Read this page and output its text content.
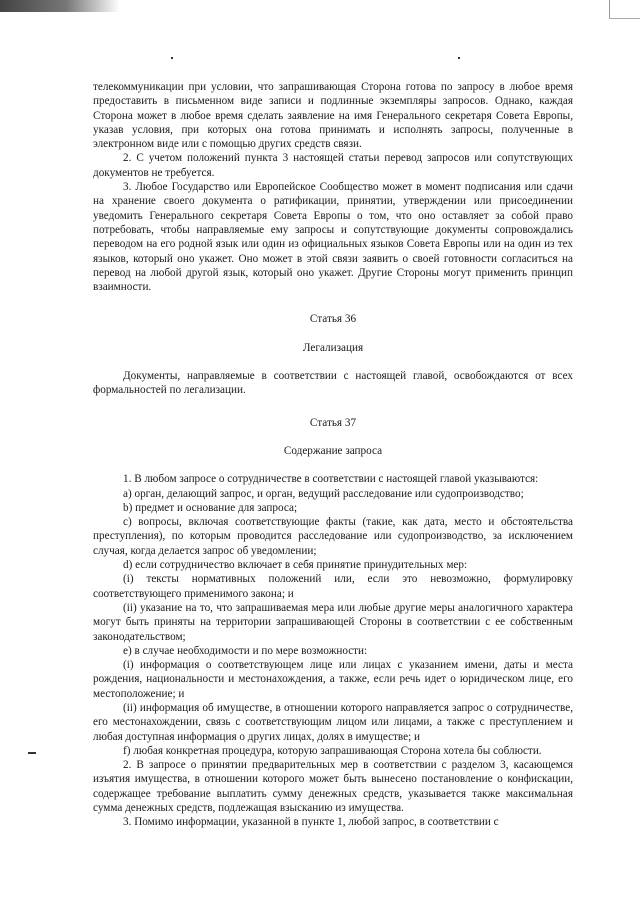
телекоммуникации при условии, что запрашивающая Сторона готова по запросу в любое время предоставить в письменном виде записи и подлинные экземпляры запросов. Однако, каждая Сторона может в любое время сделать заявление на имя Генерального секретаря Совета Европы, указав условия, при которых она готова принимать и исполнять запросы, полученные в электронном виде или с помощью других средств связи.

2. С учетом положений пункта 3 настоящей статьи перевод запросов или сопутствующих документов не требуется.

3. Любое Государство или Европейское Сообщество может в момент подписания или сдачи на хранение своего документа о ратификации, принятии, утверждении или присоединении уведомить Генерального секретаря Совета Европы о том, что оно оставляет за собой право потребовать, чтобы направляемые ему запросы и сопутствующие документы сопровождались переводом на его родной язык или один из официальных языков Совета Европы или на один из тех языков, который оно укажет. Оно может в этой связи заявить о своей готовности согласиться на перевод на любой другой язык, который оно укажет. Другие Стороны могут применить принцип взаимности.

Статья 36

Легализация

Документы, направляемые в соответствии с настоящей главой, освобождаются от всех формальностей по легализации.

Статья 37

Содержание запроса

1. В любом запросе о сотрудничестве в соответствии с настоящей главой указываются:

а) орган, делающий запрос, и орган, ведущий расследование или судопроизводство;

b) предмет и основание для запроса;

c) вопросы, включая соответствующие факты (такие, как дата, место и обстоятельства преступления), по которым проводится расследование или судопроизводство, за исключением случая, когда делается запрос об уведомлении;

d) если сотрудничество включает в себя принятие принудительных мер:

(i) тексты нормативных положений или, если это невозможно, формулировку соответствующего применимого закона; и

(ii) указание на то, что запрашиваемая мера или любые другие меры аналогичного характера могут быть приняты на территории запрашивающей Стороны в соответствии с ее собственным законодательством;

е) в случае необходимости и по мере возможности:

(i) информация о соответствующем лице или лицах с указанием имени, даты и места рождения, национальности и местонахождения, а также, если речь идет о юридическом лице, его местоположение; и

(ii) информация об имуществе, в отношении которого направляется запрос о сотрудничестве, его местонахождении, связь с соответствующим лицом или лицами, а также с преступлением и любая доступная информация о других лицах, долях в имуществе; и

f) любая конкретная процедура, которую запрашивающая Сторона хотела бы соблюсти.

2. В запросе о принятии предварительных мер в соответствии с разделом 3, касающемся изъятия имущества, в отношении которого может быть вынесено постановление о конфискации, содержащее требование выплатить сумму денежных средств, указывается также максимальная сумма денежных средств, подлежащая взысканию из имущества.

3. Помимо информации, указанной в пункте 1, любой запрос, в соответствии с
